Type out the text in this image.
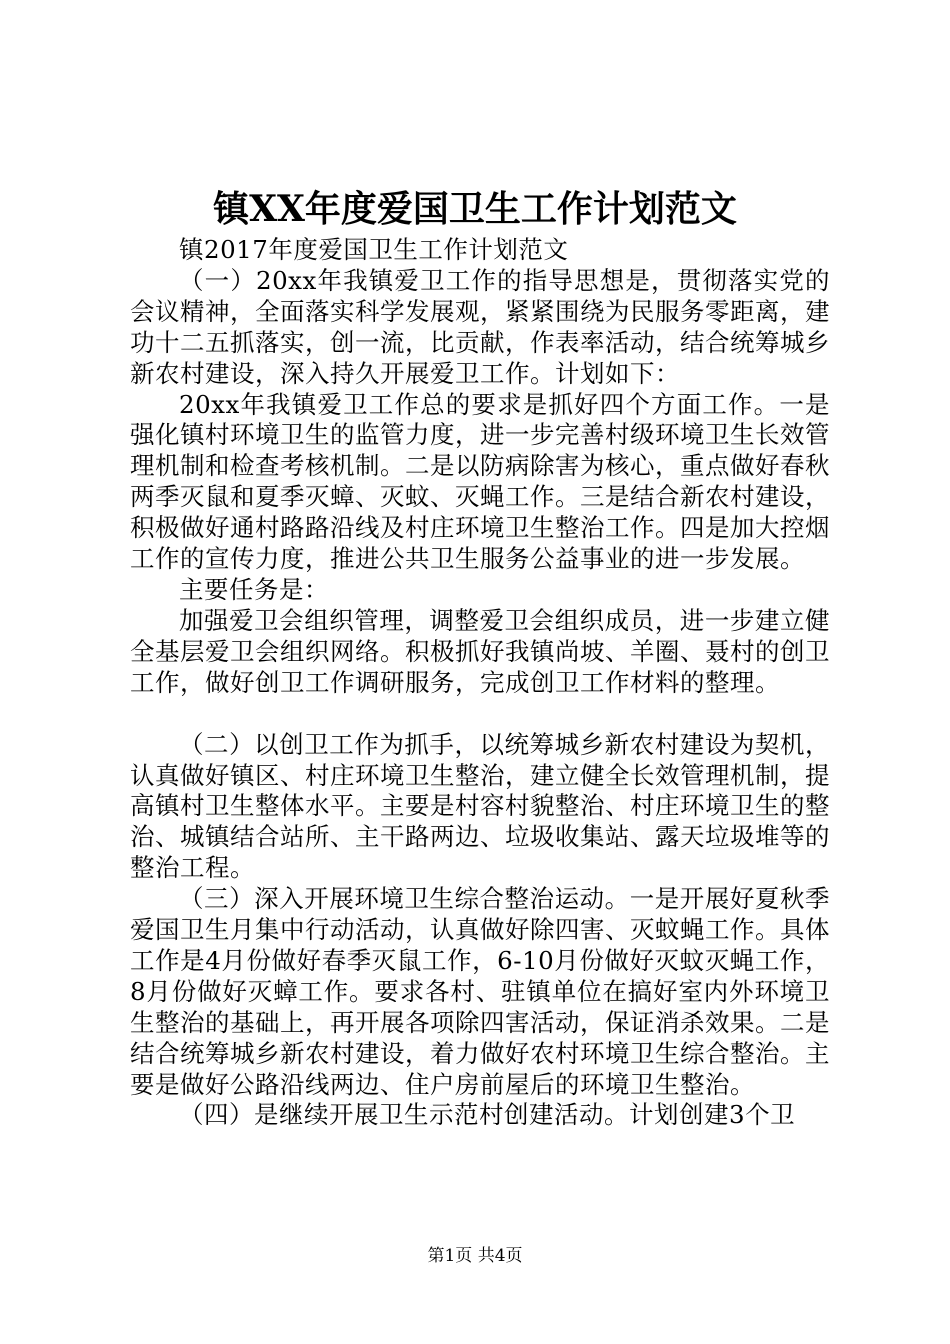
镇XX年度爱国卫生工作计划范文

镇2017年度爱国卫生工作计划范文

（一）20xx年我镇爱卫工作的指导思想是，贯彻落实党的会议精神，全面落实科学发展观，紧紧围绕为民服务零距离，建功十二五抓落实，创一流，比贡献，作表率活动，结合统筹城乡新农村建设，深入持久开展爱卫工作。计划如下：

20xx年我镇爱卫工作总的要求是抓好四个方面工作。一是强化镇村环境卫生的监管力度，进一步完善村级环境卫生长效管理机制和检查考核机制。二是以防病除害为核心，重点做好春秋两季灭鼠和夏季灭蟑、灭蚊、灭蝇工作。三是结合新农村建设，积极做好通村路路沿线及村庄环境卫生整治工作。四是加大控烟工作的宣传力度，推进公共卫生服务公益事业的进一步发展。

主要任务是：

加强爱卫会组织管理，调整爱卫会组织成员，进一步建立健全基层爱卫会组织网络。积极抓好我镇尚坡、羊圈、聂村的创卫工作，做好创卫工作调研服务，完成创卫工作材料的整理。

（二）以创卫工作为抓手，以统筹城乡新农村建设为契机，认真做好镇区、村庄环境卫生整治，建立健全长效管理机制，提高镇村卫生整体水平。主要是村容村貌整治、村庄环境卫生的整治、城镇结合站所、主干路两边、垃圾收集站、露天垃圾堆等的整治工程。

（三）深入开展环境卫生综合整治运动。一是开展好夏秋季爱国卫生月集中行动活动，认真做好除四害、灭蚊蝇工作。具体工作是4月份做好春季灭鼠工作，6-10月份做好灭蚊灭蝇工作，8月份做好灭蟑工作。要求各村、驻镇单位在搞好室内外环境卫生整治的基础上，再开展各项除四害活动，保证消杀效果。二是结合统筹城乡新农村建设，着力做好农村环境卫生综合整治。主要是做好公路沿线两边、住户房前屋后的环境卫生整治。

（四）是继续开展卫生示范村创建活动。计划创建3个卫

第1页 共4页
